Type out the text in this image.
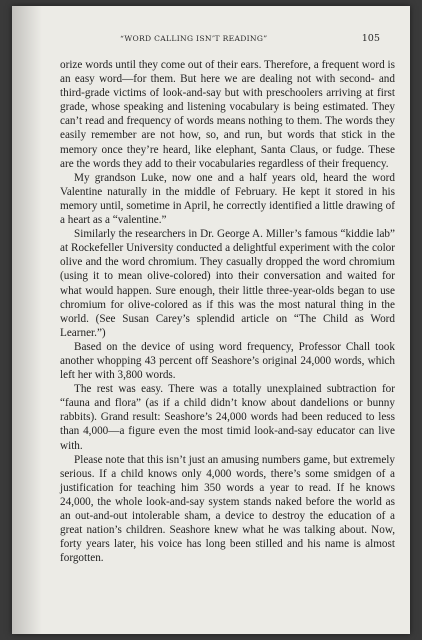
“WORD CALLING ISN’T READING”	105

orize words until they come out of their ears. Therefore, a frequent word is an easy word—for them. But here we are dealing not with second- and third-grade victims of look-and-say but with preschoolers arriving at first grade, whose speaking and listening vocabulary is being estimated. They can’t read and frequency of words means nothing to them. The words they easily remember are not how, so, and run, but words that stick in the memory once they’re heard, like elephant, Santa Claus, or fudge. These are the words they add to their vocabularies regardless of their frequency.

My grandson Luke, now one and a half years old, heard the word Valentine naturally in the middle of February. He kept it stored in his memory until, sometime in April, he correctly identified a little drawing of a heart as a “valentine.”

Similarly the researchers in Dr. George A. Miller’s famous “kiddie lab” at Rockefeller University conducted a delightful experiment with the color olive and the word chromium. They casually dropped the word chromium (using it to mean olive-colored) into their conversation and waited for what would happen. Sure enough, their little three-year-olds began to use chromium for olive-colored as if this was the most natural thing in the world. (See Susan Carey’s splendid article on “The Child as Word Learner.”)

Based on the device of using word frequency, Professor Chall took another whopping 43 percent off Seashore’s original 24,000 words, which left her with 3,800 words.

The rest was easy. There was a totally unexplained subtraction for “fauna and flora” (as if a child didn’t know about dandelions or bunny rabbits). Grand result: Seashore’s 24,000 words had been reduced to less than 4,000—a figure even the most timid look-and-say educator can live with.

Please note that this isn’t just an amusing numbers game, but extremely serious. If a child knows only 4,000 words, there’s some smidgen of a justification for teaching him 350 words a year to read. If he knows 24,000, the whole look-and-say system stands naked before the world as an out-and-out intolerable sham, a device to destroy the education of a great nation’s children. Seashore knew what he was talking about. Now, forty years later, his voice has long been stilled and his name is almost forgotten.
